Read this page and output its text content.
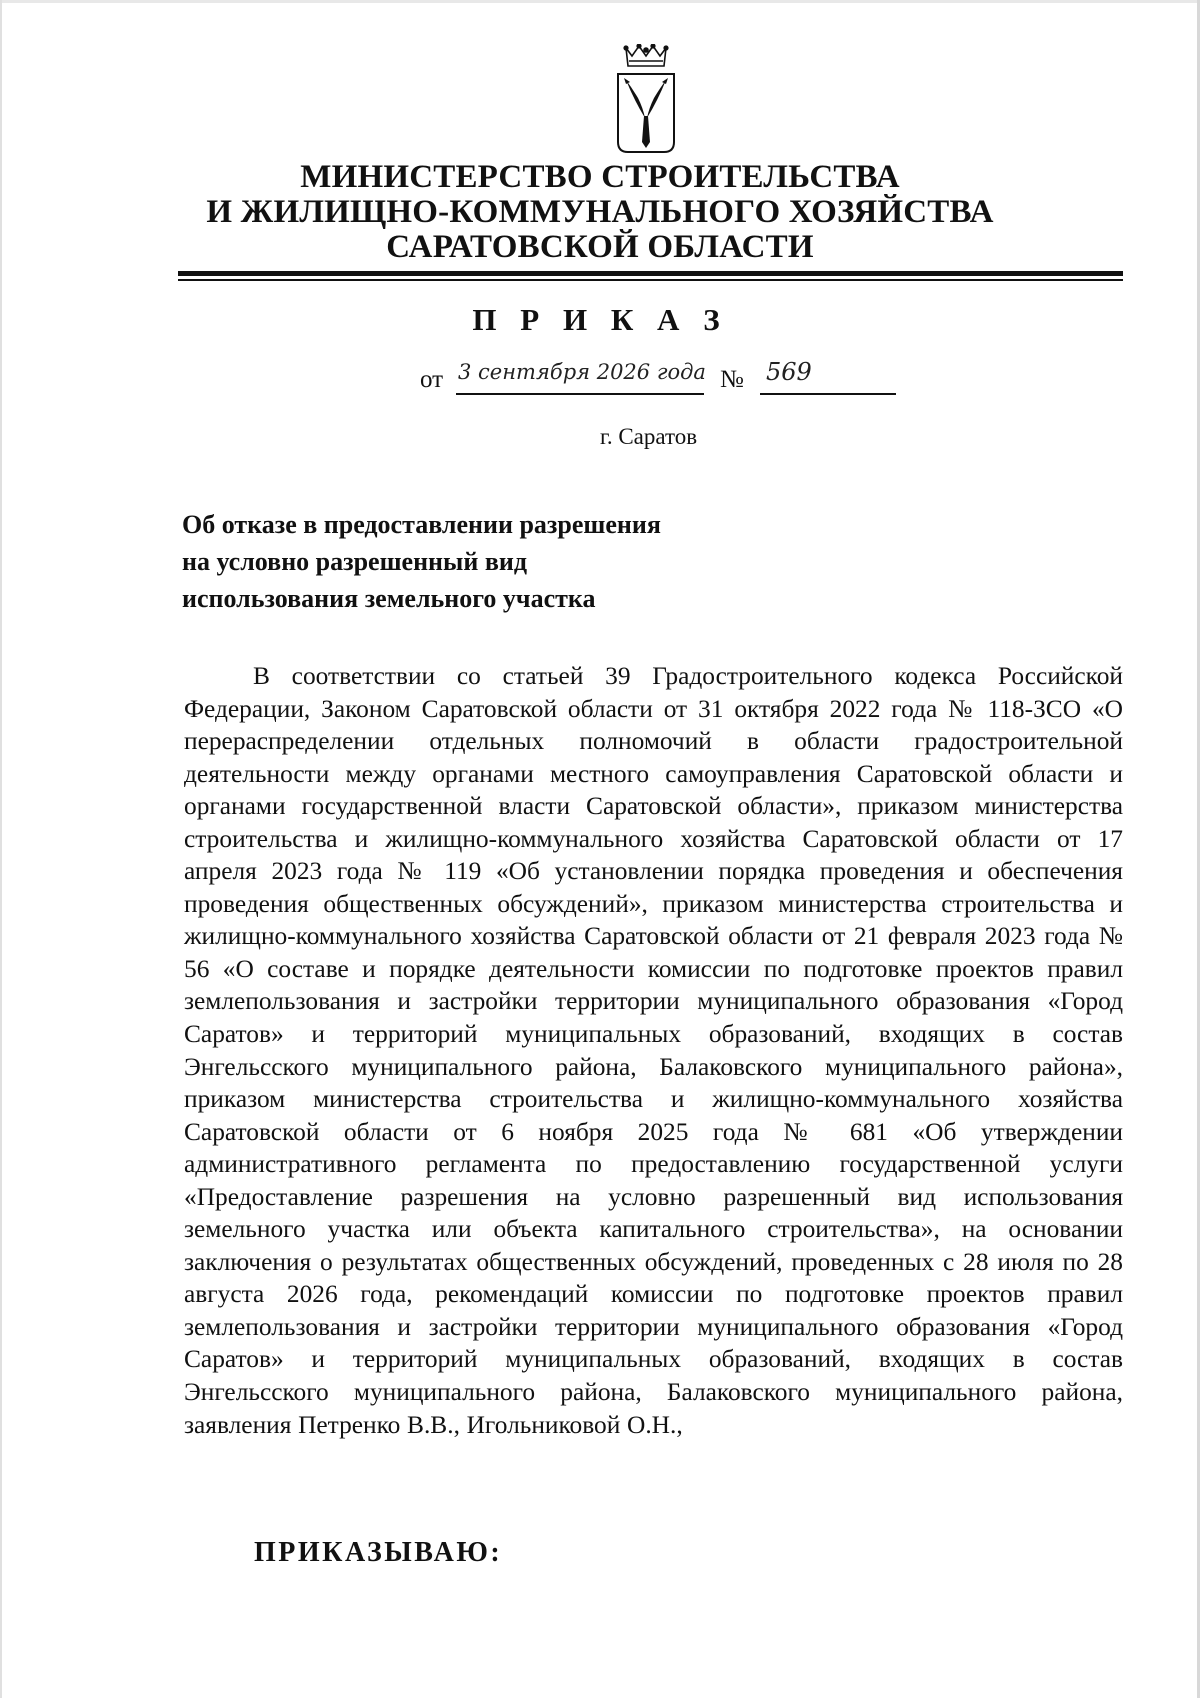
МИНИСТЕРСТВО СТРОИТЕЛЬСТВА
И ЖИЛИЩНО-КОММУНАЛЬНОГО ХОЗЯЙСТВА
САРАТОВСКОЙ ОБЛАСТИ
П Р И К А З
от 3 сентября 2026 года № 569
г. Саратов
Об отказе в предоставлении разрешения
на условно разрешенный вид
использования земельного участка
В соответствии со статьей 39 Градостроительного кодекса Российской Федерации, Законом Саратовской области от 31 октября 2022 года № 118-ЗСО «О перераспределении отдельных полномочий в области градостроительной деятельности между органами местного самоуправления Саратовской области и органами государственной власти Саратовской области», приказом министерства строительства и жилищно-коммунального хозяйства Саратовской области от 17 апреля 2023 года № 119 «Об установлении порядка проведения и обеспечения проведения общественных обсуждений», приказом министерства строительства и жилищно-коммунального хозяйства Саратовской области от 21 февраля 2023 года № 56 «О составе и порядке деятельности комиссии по подготовке проектов правил землепользования и застройки территории муниципального образования «Город Саратов» и территорий муниципальных образований, входящих в состав Энгельсского муниципального района, Балаковского муниципального района», приказом министерства строительства и жилищно-коммунального хозяйства Саратовской области от 6 ноября 2025 года № 681 «Об утверждении административного регламента по предоставлению государственной услуги «Предоставление разрешения на условно разрешенный вид использования земельного участка или объекта капитального строительства», на основании заключения о результатах общественных обсуждений, проведенных с 28 июля по 28 августа 2026 года, рекомендаций комиссии по подготовке проектов правил землепользования и застройки территории муниципального образования «Город Саратов» и территорий муниципальных образований, входящих в состав Энгельсского муниципального района, Балаковского муниципального района, заявления Петренко В.В., Игольниковой О.Н.,
ПРИКАЗЫВАЮ:
